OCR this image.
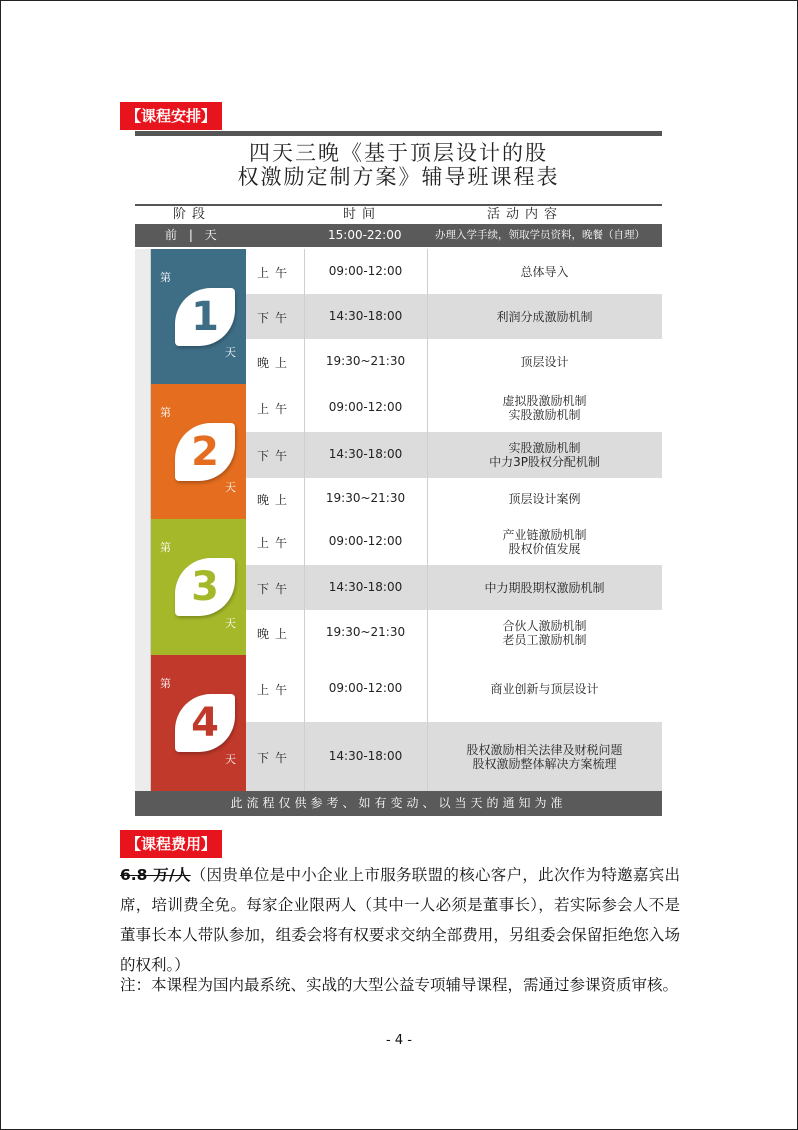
【课程安排】
四天三晚《基于顶层设计的股
权激励定制方案》辅导班课程表
阶段	时间	活动内容
前 | 天	15:00-22:00	办理入学手续，领取学员资料，晚餐（自理）
第
1
天
上午	09:00-12:00	总体导入
下午	14:30-18:00	利润分成激励机制
晚上	19:30~21:30	顶层设计
第
2
天
上午	09:00-12:00	虚拟股激励机制
实股激励机制
下午	14:30-18:00	实股激励机制
中力3P股权分配机制
晚上	19:30~21:30	顶层设计案例
第
3
天
上午	09:00-12:00	产业链激励机制
股权价值发展
下午	14:30-18:00	中力期股期权激励机制
晚上	19:30~21:30	合伙人激励机制
老员工激励机制
第
4
天
上午	09:00-12:00	商业创新与顶层设计
下午	14:30-18:00	股权激励相关法律及财税问题
股权激励整体解决方案梳理
此流程仅供参考、如有变动、以当天的通知为准
【课程费用】
6.8 万/人（因贵单位是中小企业上市服务联盟的核心客户，此次作为特邀嘉宾出席，培训费全免。每家企业限两人（其中一人必须是董事长），若实际参会人不是董事长本人带队参加，组委会将有权要求交纳全部费用，另组委会保留拒绝您入场的权利。）
注：本课程为国内最系统、实战的大型公益专项辅导课程，需通过参课资质审核。
- 4 -
